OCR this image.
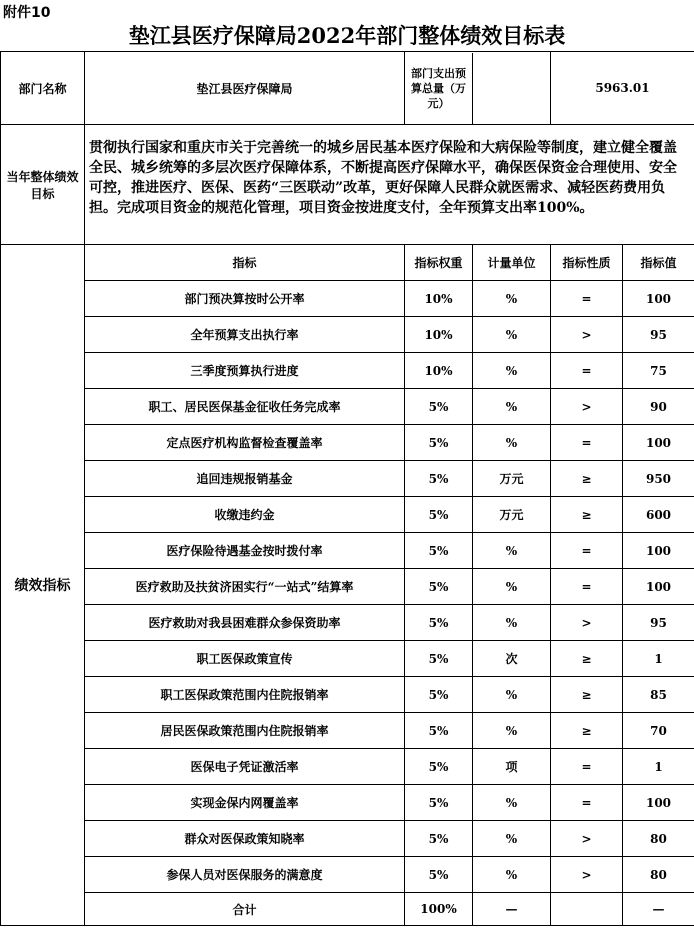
附件10
垫江县医疗保障局2022年部门整体绩效目标表
部门名称	垫江县医疗保障局	部门支出预算总量（万元）		5963.01	
当年整体绩效目标	贯彻执行国家和重庆市关于完善统一的城乡居民基本医疗保险和大病保险等制度，建立健全覆盖全民、城乡统筹的多层次医疗保障体系，不断提高医疗保障水平，确保医保资金合理使用、安全可控，推进医疗、医保、医药“三医联动”改革，更好保障人民群众就医需求、减轻医药费用负担。完成项目资金的规范化管理，项目资金按进度支付，全年预算支出率100%。				
绩效指标	指标	指标权重	计量单位	指标性质	指标值
	部门预决算按时公开率	10%	%	=	100
	全年预算支出执行率	10%	%	>	95
	三季度预算执行进度	10%	%	=	75
	职工、居民医保基金征收任务完成率	5%	%	>	90
	定点医疗机构监督检查覆盖率	5%	%	=	100
	追回违规报销基金	5%	万元	≥	950
	收缴违约金	5%	万元	≥	600
	医疗保险待遇基金按时拨付率	5%	%	=	100
	医疗救助及扶贫济困实行“一站式”结算率	5%	%	=	100
	医疗救助对我县困难群众参保资助率	5%	%	>	95
	职工医保政策宣传	5%	次	≥	1
	职工医保政策范围内住院报销率	5%	%	≥	85
	居民医保政策范围内住院报销率	5%	%	≥	70
	医保电子凭证激活率	5%	项	=	1
	实现金保内网覆盖率	5%	%	=	100
	群众对医保政策知晓率	5%	%	>	80
	参保人员对医保服务的满意度	5%	%	>	80
	合计	100%	—		—
